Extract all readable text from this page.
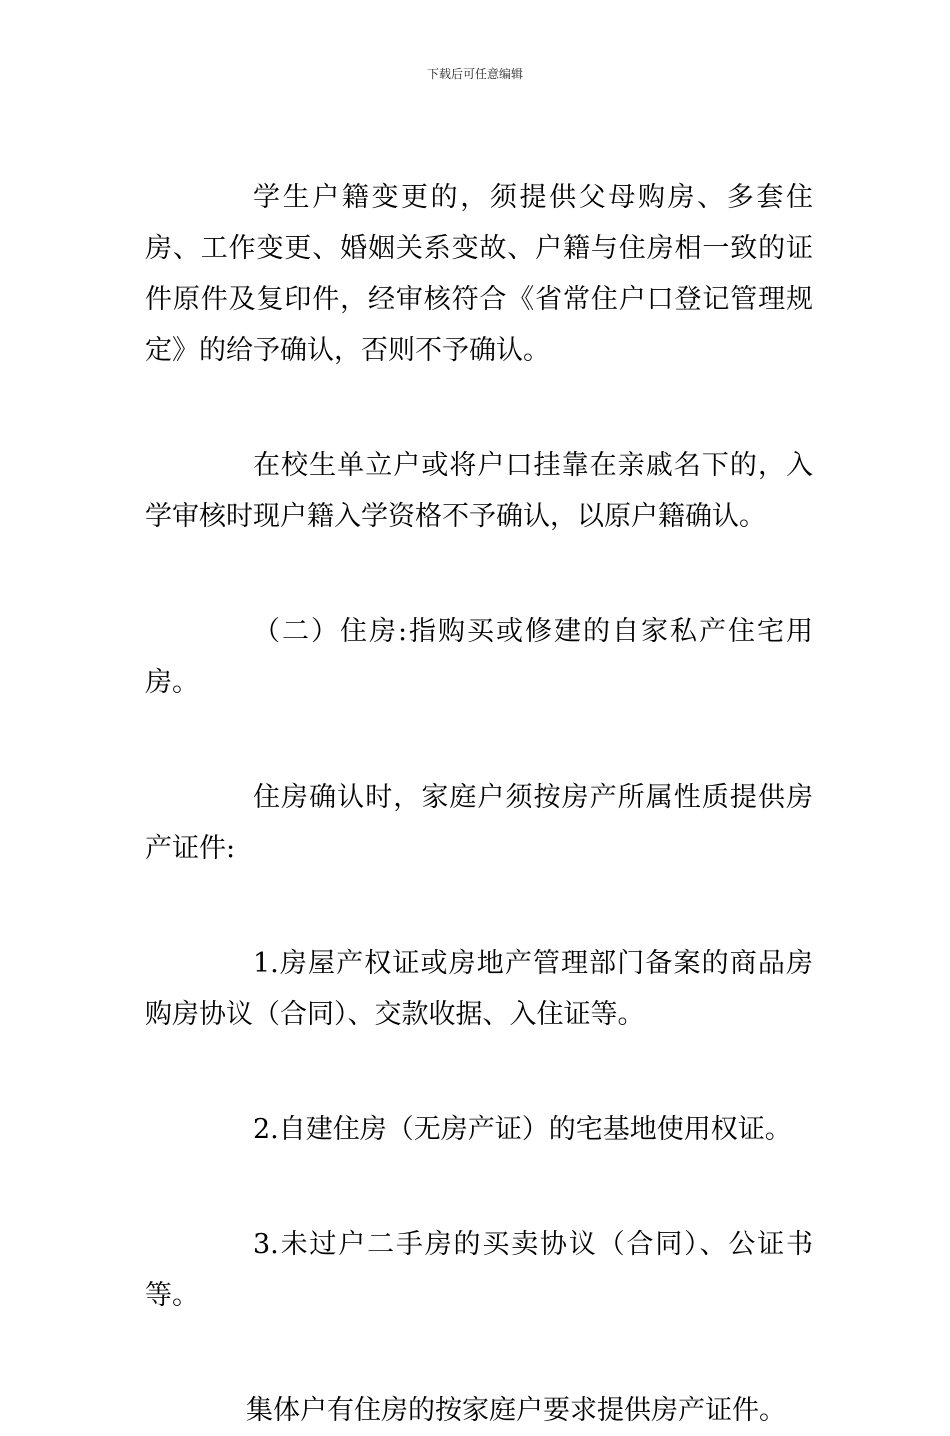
下载后可任意编辑

学生户籍变更的，须提供父母购房、多套住房、工作变更、婚姻关系变故、户籍与住房相一致的证件原件及复印件，经审核符合《省常住户口登记管理规定》的给予确认，否则不予确认。

在校生单立户或将户口挂靠在亲戚名下的，入学审核时现户籍入学资格不予确认，以原户籍确认。

（二）住房:指购买或修建的自家私产住宅用房。

住房确认时，家庭户须按房产所属性质提供房产证件:

1.房屋产权证或房地产管理部门备案的商品房购房协议（合同）、交款收据、入住证等。

2.自建住房（无房产证）的宅基地使用权证。

3.未过户二手房的买卖协议（合同）、公证书等。

集体户有住房的按家庭户要求提供房产证件。
